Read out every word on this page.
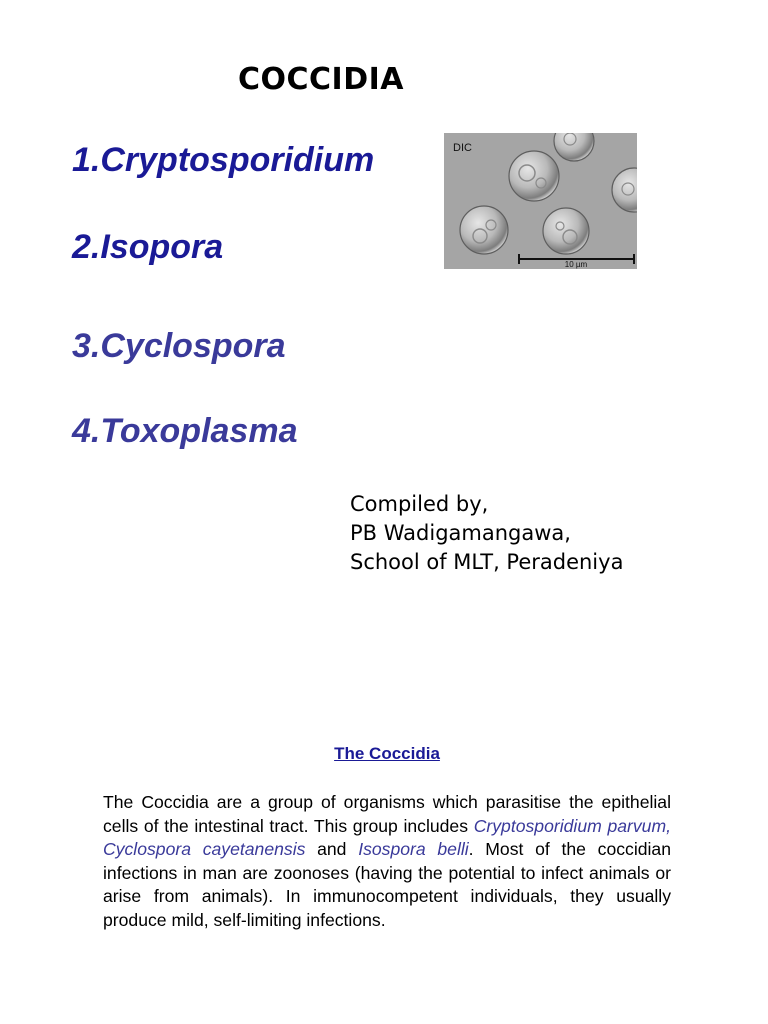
COCCIDIA

1.Cryptosporidium

2.Isopora

3.Cyclospora

4.Toxoplasma

DIC
10 µm
Compiled by,
PB Wadigamangawa,
School of MLT, Peradeniya
The Coccidia

The Coccidia are a group of organisms which parasitise the epithelial cells of the intestinal tract. This group includes Cryptosporidium parvum, Cyclospora cayetanensis and Isospora belli. Most of the coccidian infections in man are zoonoses (having the potential to infect animals or arise from animals). In immunocompetent individuals, they usually produce mild, self-limiting infections.
